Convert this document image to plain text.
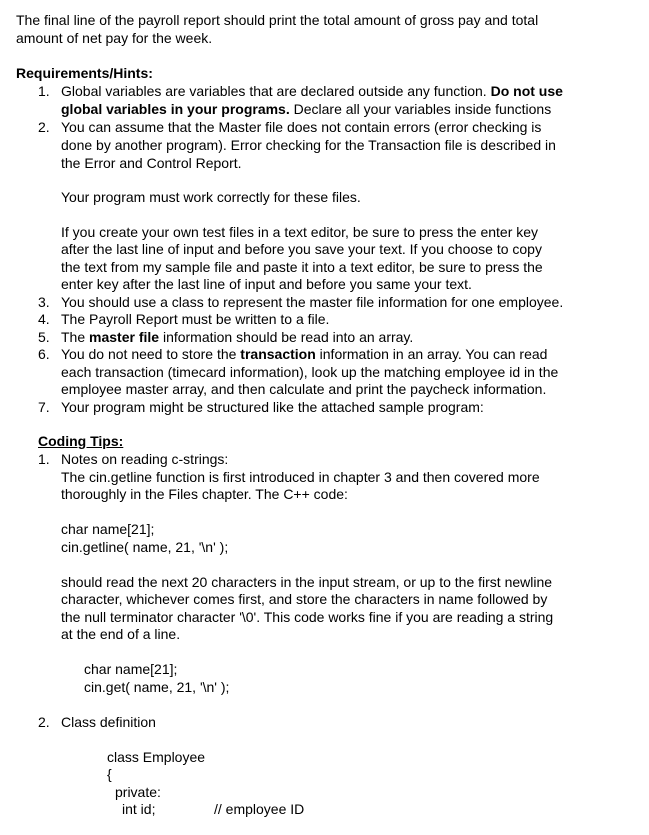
The final line of the payroll report should print the total amount of gross pay and total
amount of net pay for the week.
Requirements/Hints:
1. Global variables are variables that are declared outside any function. Do not use
global variables in your programs. Declare all your variables inside functions
2. You can assume that the Master file does not contain errors (error checking is
done by another program). Error checking for the Transaction file is described in
the Error and Control Report.
Your program must work correctly for these files.
If you create your own test files in a text editor, be sure to press the enter key
after the last line of input and before you save your text. If you choose to copy
the text from my sample file and paste it into a text editor, be sure to press the
enter key after the last line of input and before you same your text.
3. You should use a class to represent the master file information for one employee.
4. The Payroll Report must be written to a file.
5. The master file information should be read into an array.
6. You do not need to store the transaction information in an array. You can read
each transaction (timecard information), look up the matching employee id in the
employee master array, and then calculate and print the paycheck information.
7. Your program might be structured like the attached sample program:
Coding Tips:
1. Notes on reading c-strings:
The cin.getline function is first introduced in chapter 3 and then covered more
thoroughly in the Files chapter. The C++ code:
char name[21];
cin.getline( name, 21, '\n' );
should read the next 20 characters in the input stream, or up to the first newline
character, whichever comes first, and store the characters in name followed by
the null terminator character '\0'. This code works fine if you are reading a string
at the end of a line.
char name[21];
cin.get( name, 21, '\n' );
2. Class definition
class Employee
{
private:
int id;	// employee ID
